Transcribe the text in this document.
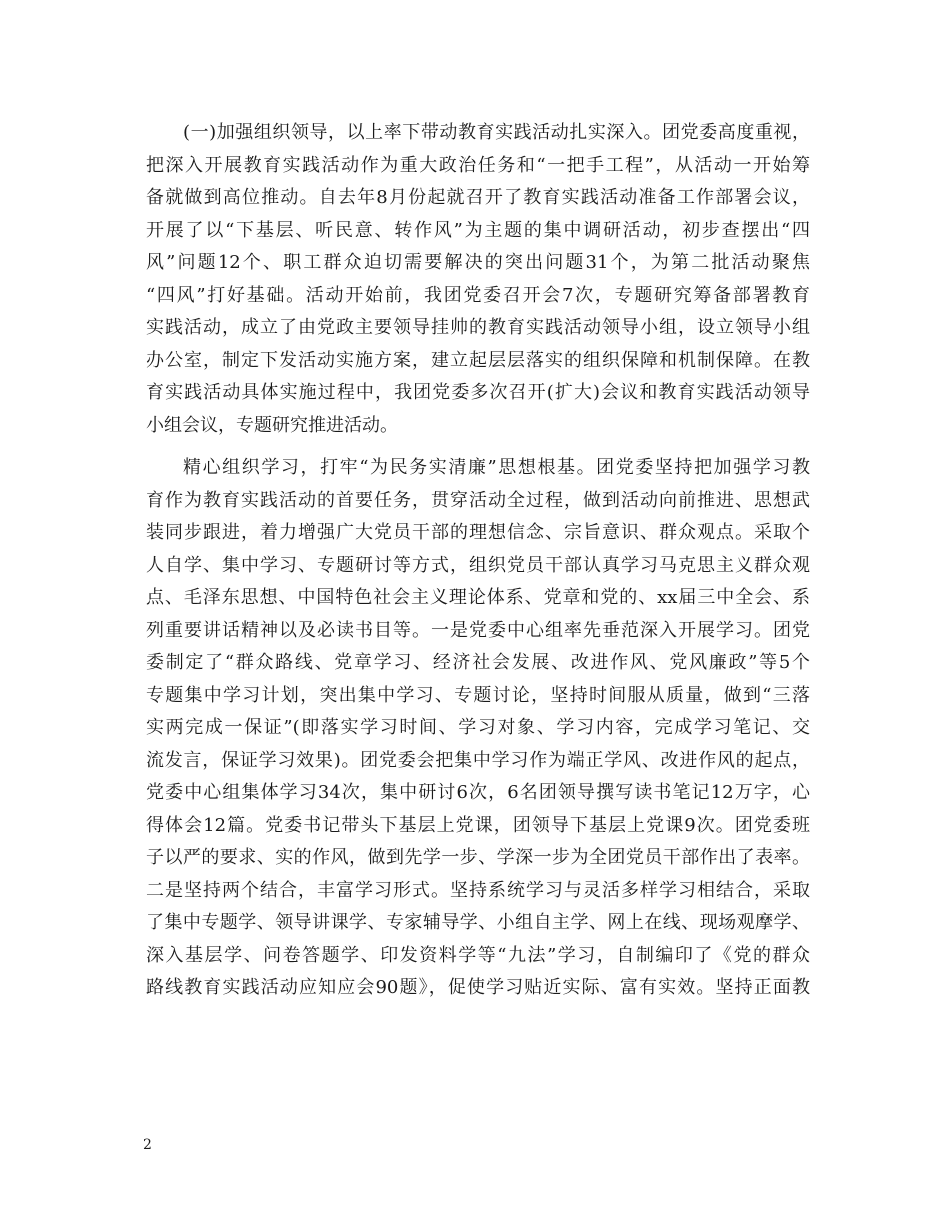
(一)加强组织领导，以上率下带动教育实践活动扎实深入。团党委高度重视，
把深入开展教育实践活动作为重大政治任务和“一把手工程”，从活动一开始筹
备就做到高位推动。自去年8月份起就召开了教育实践活动准备工作部署会议，
开展了以“下基层、听民意、转作风”为主题的集中调研活动，初步查摆出“四
风”问题12个、职工群众迫切需要解决的突出问题31个，为第二批活动聚焦
“四风”打好基础。活动开始前，我团党委召开会7次，专题研究筹备部署教育
实践活动，成立了由党政主要领导挂帅的教育实践活动领导小组，设立领导小组
办公室，制定下发活动实施方案，建立起层层落实的组织保障和机制保障。在教
育实践活动具体实施过程中，我团党委多次召开(扩大)会议和教育实践活动领导
小组会议，专题研究推进活动。
精心组织学习，打牢“为民务实清廉”思想根基。团党委坚持把加强学习教
育作为教育实践活动的首要任务，贯穿活动全过程，做到活动向前推进、思想武
装同步跟进，着力增强广大党员干部的理想信念、宗旨意识、群众观点。采取个
人自学、集中学习、专题研讨等方式，组织党员干部认真学习马克思主义群众观
点、毛泽东思想、中国特色社会主义理论体系、党章和党的、xx届三中全会、系
列重要讲话精神以及必读书目等。一是党委中心组率先垂范深入开展学习。团党
委制定了“群众路线、党章学习、经济社会发展、改进作风、党风廉政”等5个
专题集中学习计划，突出集中学习、专题讨论，坚持时间服从质量，做到“三落
实两完成一保证”(即落实学习时间、学习对象、学习内容，完成学习笔记、交
流发言，保证学习效果)。团党委会把集中学习作为端正学风、改进作风的起点，
党委中心组集体学习34次，集中研讨6次，6名团领导撰写读书笔记12万字，心
得体会12篇。党委书记带头下基层上党课，团领导下基层上党课9次。团党委班
子以严的要求、实的作风，做到先学一步、学深一步为全团党员干部作出了表率。
二是坚持两个结合，丰富学习形式。坚持系统学习与灵活多样学习相结合，采取
了集中专题学、领导讲课学、专家辅导学、小组自主学、网上在线、现场观摩学、
深入基层学、问卷答题学、印发资料学等“九法”学习，自制编印了《党的群众
路线教育实践活动应知应会90题》，促使学习贴近实际、富有实效。坚持正面教
2
